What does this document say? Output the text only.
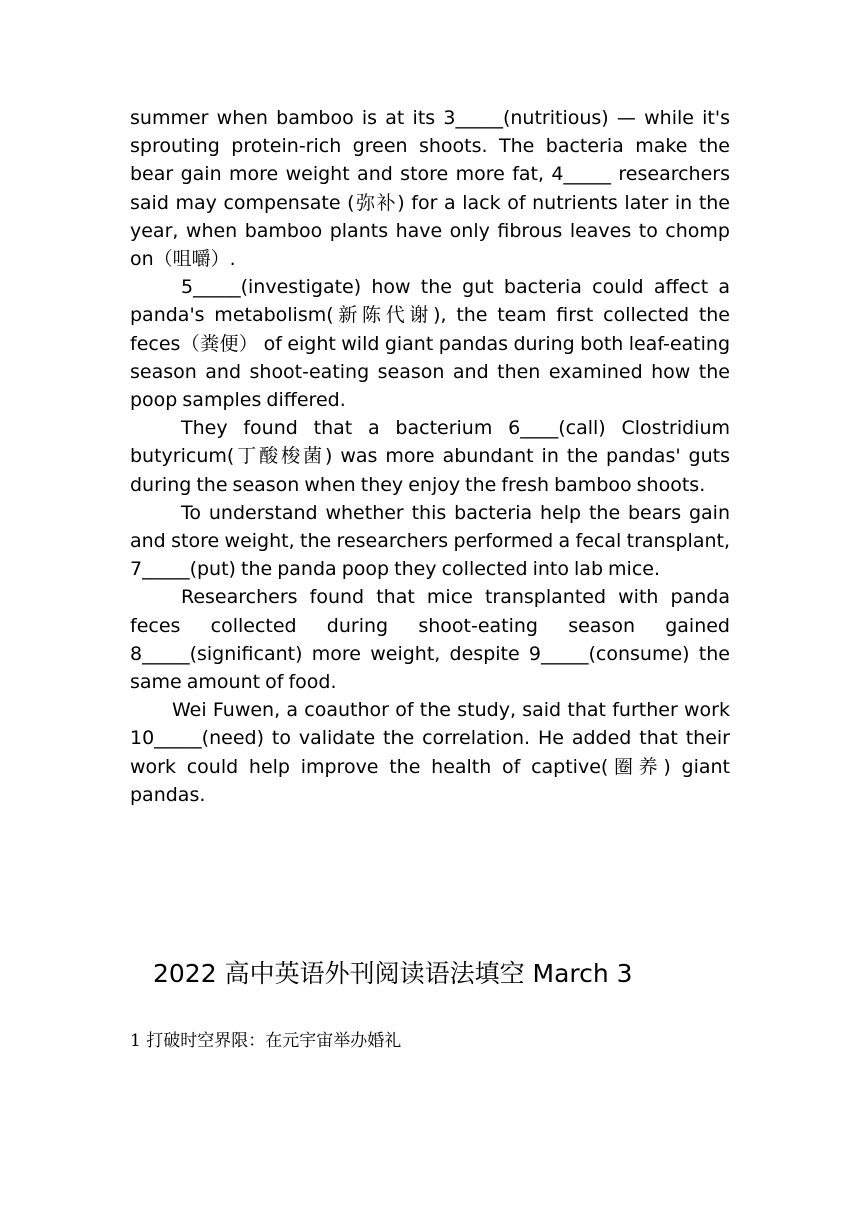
summer when bamboo is at its 3_____(nutritious) — while it's sprouting protein-rich green shoots. The bacteria make the bear gain more weight and store more fat, 4_____ researchers said may compensate (弥补) for a lack of nutrients later in the year, when bamboo plants have only fibrous leaves to chomp on（咀嚼）.

5_____(investigate) how the gut bacteria could affect a panda's metabolism(新陈代谢), the team first collected the feces（粪便） of eight wild giant pandas during both leaf-eating season and shoot-eating season and then examined how the poop samples differed.

They found that a bacterium 6____(call) Clostridium butyricum(丁酸梭菌) was more abundant in the pandas' guts during the season when they enjoy the fresh bamboo shoots.

To understand whether this bacteria help the bears gain and store weight, the researchers performed a fecal transplant, 7_____(put) the panda poop they collected into lab mice.

Researchers found that mice transplanted with panda feces collected during shoot-eating season gained 8_____(significant) more weight, despite 9_____(consume) the same amount of food.

Wei Fuwen, a coauthor of the study, said that further work 10_____(need) to validate the correlation. He added that their work could help improve the health of captive(圈养) giant pandas.

2022 高中英语外刊阅读语法填空 March 3
1 打破时空界限：在元宇宙举办婚礼
